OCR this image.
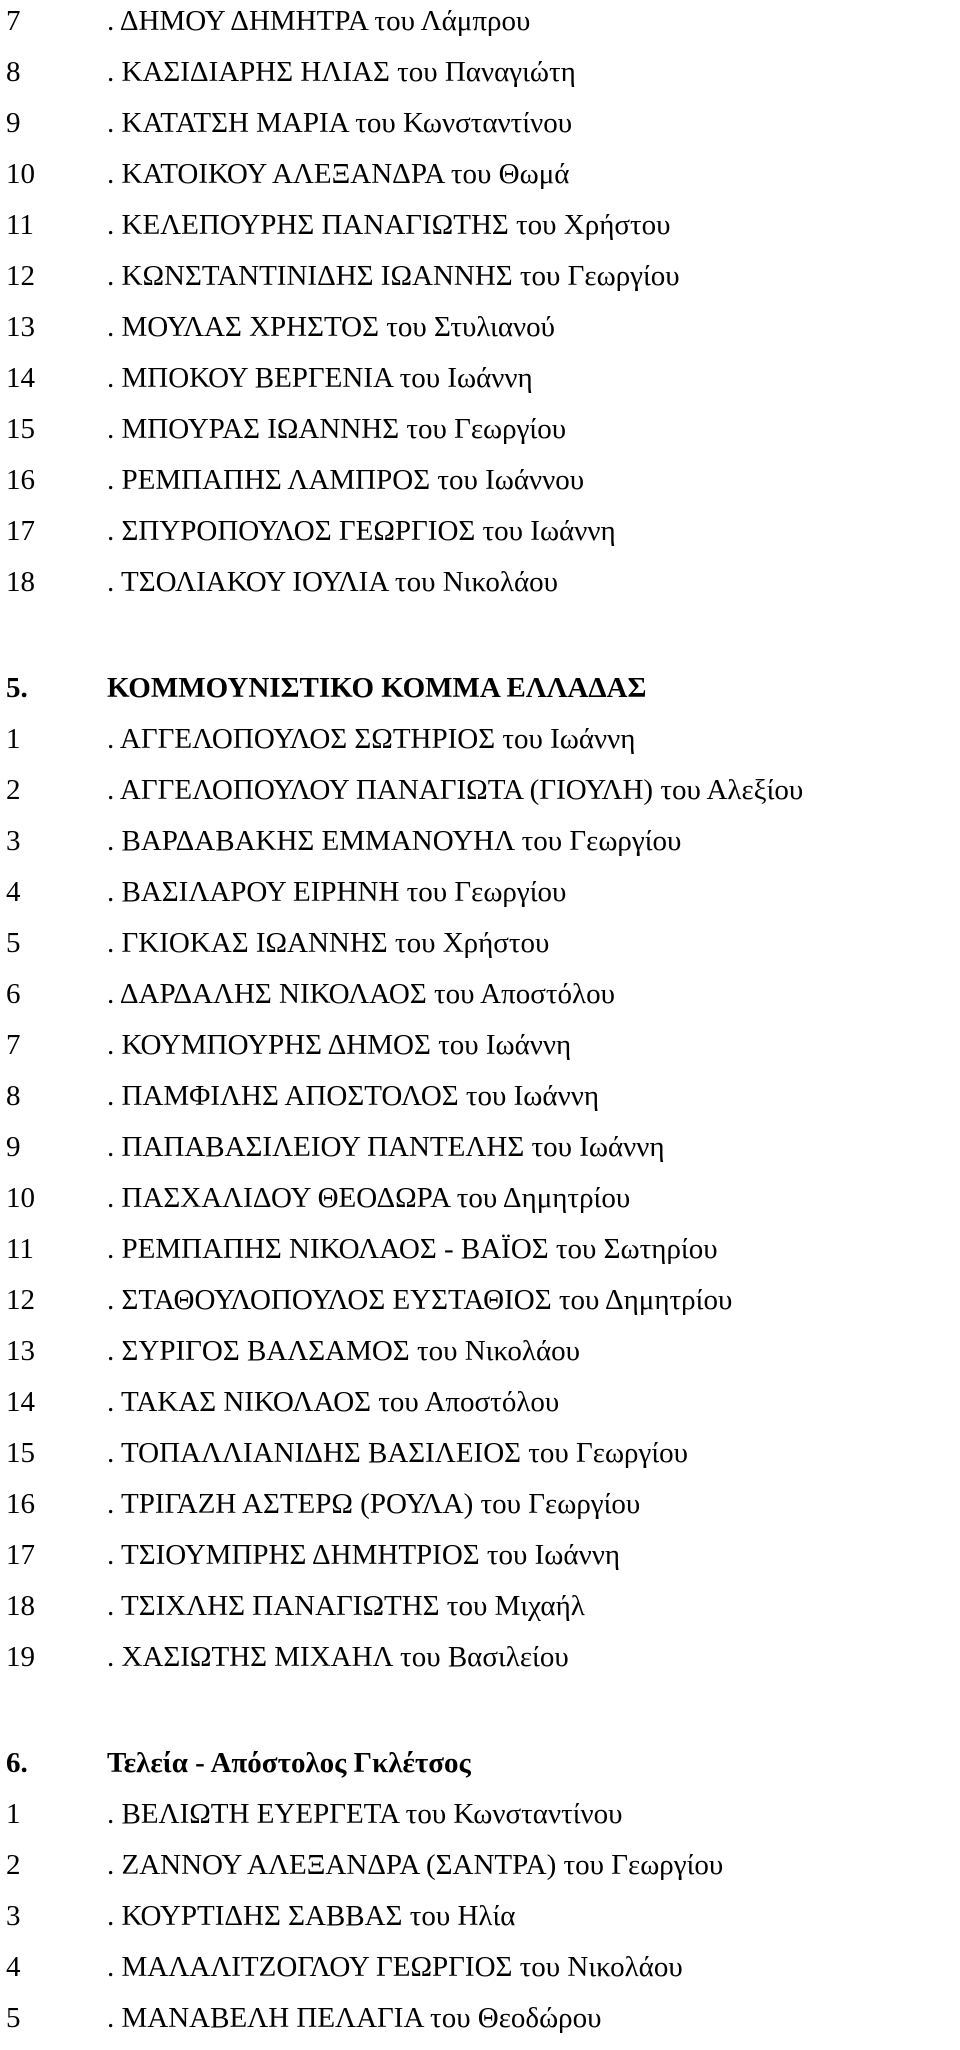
7	. ΔΗΜΟΥ ΔΗΜΗΤΡΑ του Λάμπρου
8	. ΚΑΣΙΔΙΑΡΗΣ ΗΛΙΑΣ του Παναγιώτη
9	. ΚΑΤΑΤΣΗ ΜΑΡΙΑ του Κωνσταντίνου
10 . ΚΑΤΟΙΚΟΥ ΑΛΕΞΑΝΔΡΑ του Θωμά
11	. ΚΕΛΕΠΟΥΡΗΣ ΠΑΝΑΓΙΩΤΗΣ του Χρήστου
12 . ΚΩΝΣΤΑΝΤΙΝΙΔΗΣ ΙΩΑΝΝΗΣ του Γεωργίου
13 . ΜΟΥΛΑΣ ΧΡΗΣΤΟΣ του Στυλιανού
14 . ΜΠΟΚΟΥ ΒΕΡΓΕΝΙΑ του Ιωάννη
15 . ΜΠΟΥΡΑΣ ΙΩΑΝΝΗΣ του Γεωργίου
16 . ΡΕΜΠΑΠΗΣ ΛΑΜΠΡΟΣ του Ιωάννου
17 . ΣΠΥΡΟΠΟΥΛΟΣ ΓΕΩΡΓΙΟΣ του Ιωάννη
18 . ΤΣΟΛΙΑΚΟΥ ΙΟΥΛΙΑ του Νικολάου
5.	ΚΟΜΜΟΥΝΙΣΤΙΚΟ ΚΟΜΜΑ ΕΛΛΑΔΑΣ
1	. ΑΓΓΕΛΟΠΟΥΛΟΣ ΣΩΤΗΡΙΟΣ του Ιωάννη
2	. ΑΓΓΕΛΟΠΟΥΛΟΥ ΠΑΝΑΓΙΩΤΑ (ΓΙΟΥΛΗ) του Αλεξίου
3	. ΒΑΡΔΑΒΑΚΗΣ ΕΜΜΑΝΟΥΗΛ του Γεωργίου
4	. ΒΑΣΙΛΑΡΟΥ ΕΙΡΗΝΗ του Γεωργίου
5	. ΓΚΙΟΚΑΣ ΙΩΑΝΝΗΣ του Χρήστου
6	. ΔΑΡΔΑΛΗΣ ΝΙΚΟΛΑΟΣ του Αποστόλου
7	. ΚΟΥΜΠΟΥΡΗΣ ΔΗΜΟΣ του Ιωάννη
8	. ΠΑΜΦΙΛΗΣ ΑΠΟΣΤΟΛΟΣ του Ιωάννη
9	. ΠΑΠΑΒΑΣΙΛΕΙΟΥ ΠΑΝΤΕΛΗΣ του Ιωάννη
10 . ΠΑΣΧΑΛΙΔΟΥ ΘΕΟΔΩΡΑ του Δημητρίου
11	. ΡΕΜΠΑΠΗΣ ΝΙΚΟΛΑΟΣ - ΒΑΪΟΣ του Σωτηρίου
12 . ΣΤΑΘΟΥΛΟΠΟΥΛΟΣ ΕΥΣΤΑΘΙΟΣ του Δημητρίου
13 . ΣΥΡΙΓΟΣ ΒΑΛΣΑΜΟΣ του Νικολάου
14 . ΤΑΚΑΣ ΝΙΚΟΛΑΟΣ του Αποστόλου
15 . ΤΟΠΑΛΛΙΑΝΙΔΗΣ ΒΑΣΙΛΕΙΟΣ του Γεωργίου
16 . ΤΡΙΓΑΖΗ ΑΣΤΕΡΩ (ΡΟΥΛΑ) του Γεωργίου
17 . ΤΣΙΟΥΜΠΡΗΣ ΔΗΜΗΤΡΙΟΣ του Ιωάννη
18 . ΤΣΙΧΛΗΣ ΠΑΝΑΓΙΩΤΗΣ του Μιχαήλ
19 . ΧΑΣΙΩΤΗΣ ΜΙΧΑΗΛ του Βασιλείου
6.	Τελεία - Απόστολος Γκλέτσος
1	. ΒΕΛΙΩΤΗ ΕΥΕΡΓΕΤΑ του Κωνσταντίνου
2	. ΖΑΝΝΟΥ ΑΛΕΞΑΝΔΡΑ (ΣΑΝΤΡΑ) του Γεωργίου
3	. ΚΟΥΡΤΙΔΗΣ ΣΑΒΒΑΣ του Ηλία
4	. ΜΑΛΑΛΙΤΖΟΓΛΟΥ ΓΕΩΡΓΙΟΣ του Νικολάου
5	. ΜΑΝΑΒΕΛΗ ΠΕΛΑΓΙΑ του Θεοδώρου
